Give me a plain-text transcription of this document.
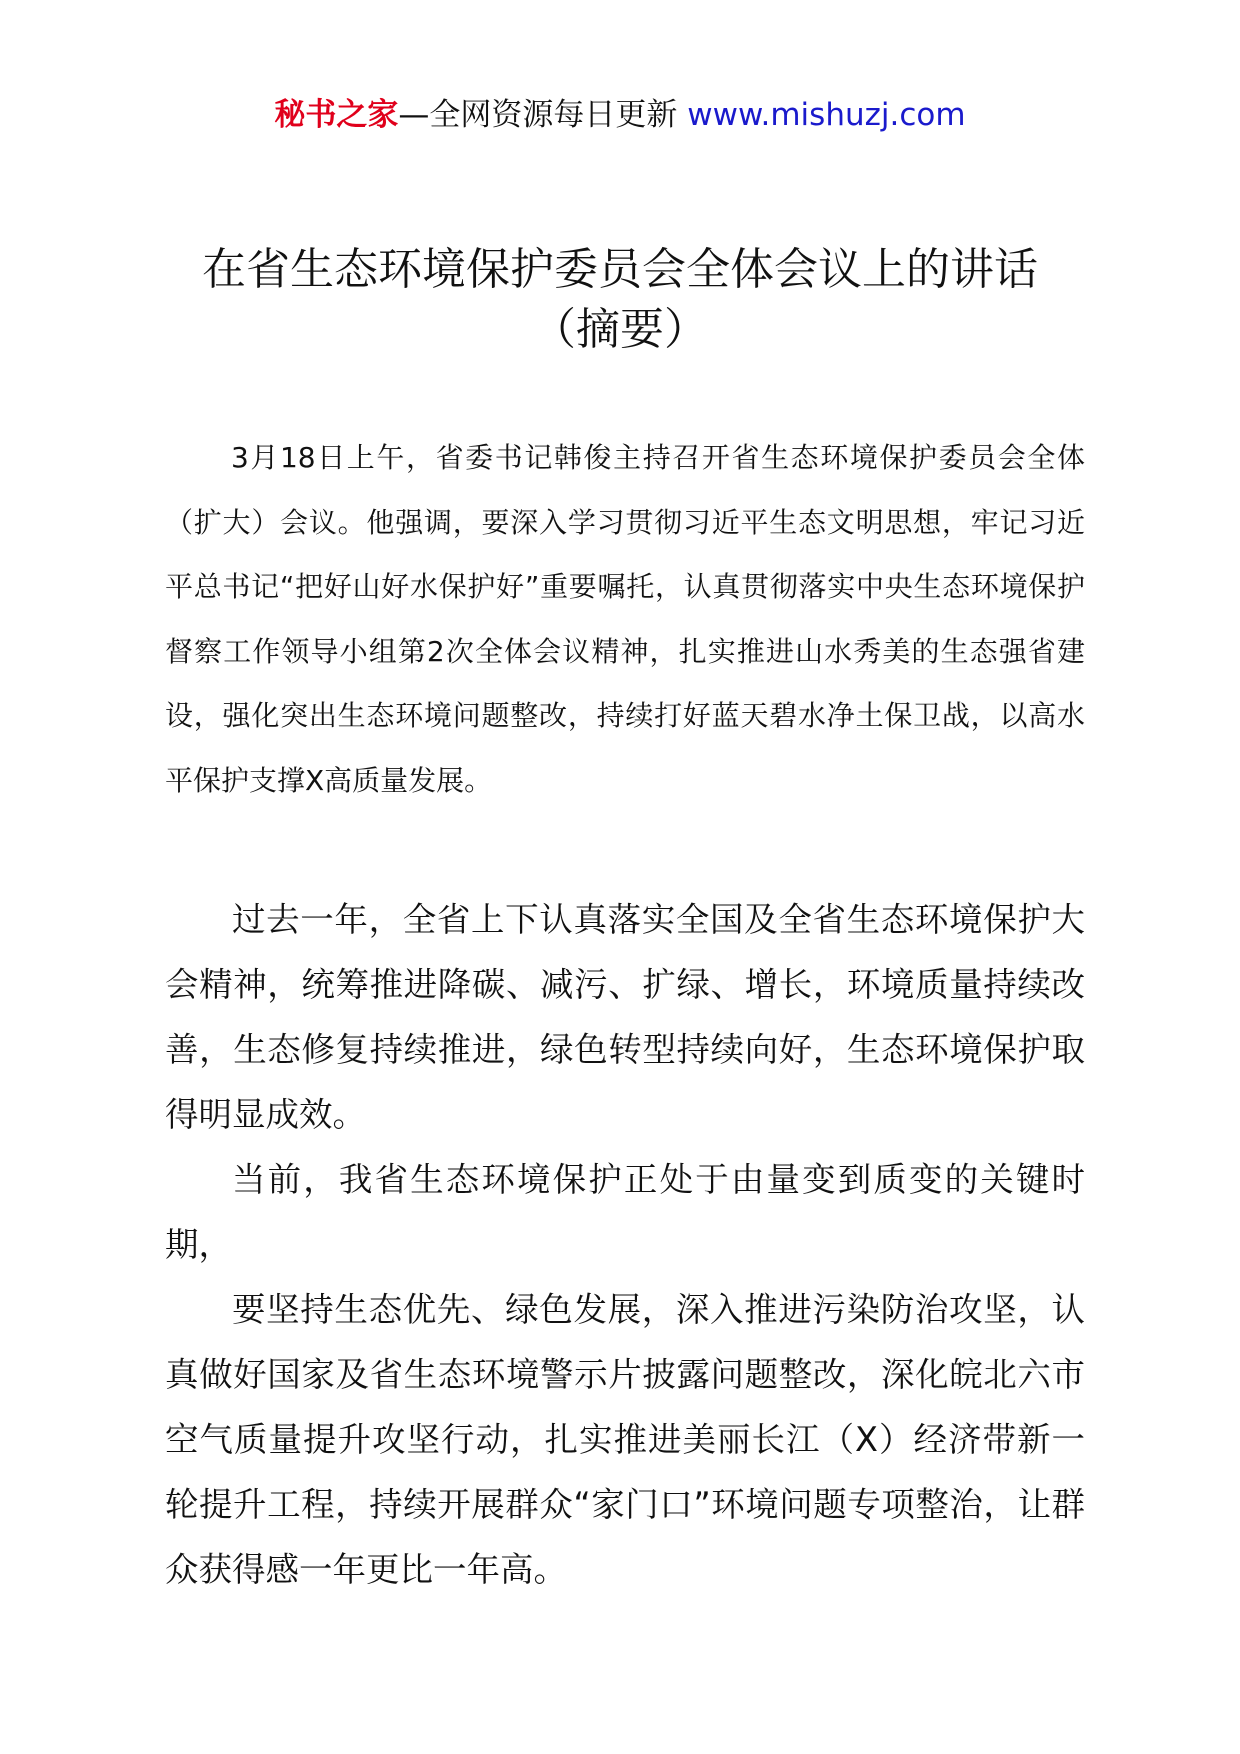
秘书之家—全网资源每日更新 www.mishuzj.com
在省生态环境保护委员会全体会议上的讲话
（摘要）

3月18日上午，省委书记韩俊主持召开省生态环境保护委员会全体（扩大）会议。他强调，要深入学习贯彻习近平生态文明思想，牢记习近平总书记“把好山好水保护好”重要嘱托，认真贯彻落实中央生态环境保护督察工作领导小组第2次全体会议精神，扎实推进山水秀美的生态强省建设，强化突出生态环境问题整改，持续打好蓝天碧水净土保卫战，以高水平保护支撑X高质量发展。

过去一年，全省上下认真落实全国及全省生态环境保护大会精神，统筹推进降碳、减污、扩绿、增长，环境质量持续改善，生态修复持续推进，绿色转型持续向好，生态环境保护取得明显成效。

当前，我省生态环境保护正处于由量变到质变的关键时期，

要坚持生态优先、绿色发展，深入推进污染防治攻坚，认真做好国家及省生态环境警示片披露问题整改，深化皖北六市空气质量提升攻坚行动，扎实推进美丽长江（X）经济带新一轮提升工程，持续开展群众“家门口”环境问题专项整治，让群众获得感一年更比一年高。
